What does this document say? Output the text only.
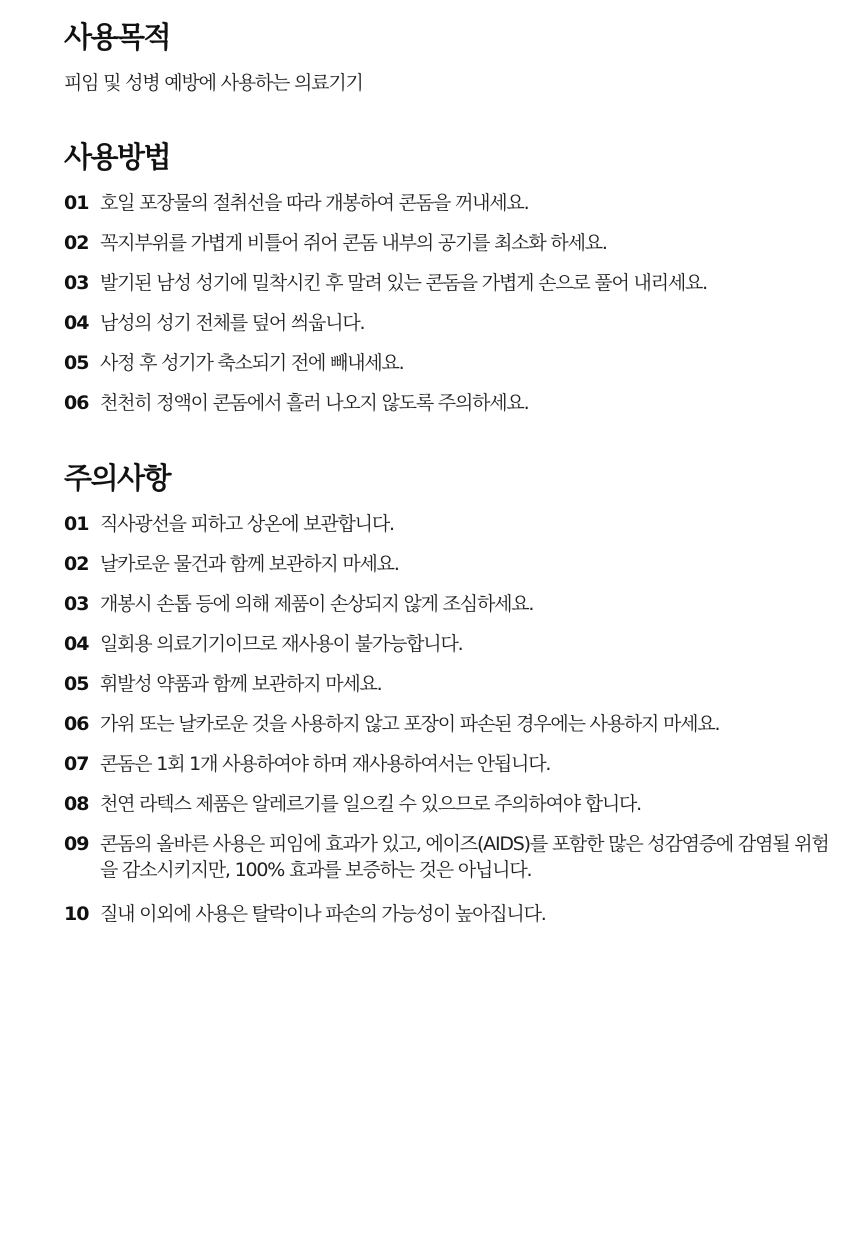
사용목적
피임 및 성병 예방에 사용하는 의료기기
사용방법
01 호일 포장물의 절취선을 따라 개봉하여 콘돔을 꺼내세요.
02 꼭지부위를 가볍게 비틀어 쥐어 콘돔 내부의 공기를 최소화 하세요.
03 발기된 남성 성기에 밀착시킨 후 말려 있는 콘돔을 가볍게 손으로 풀어 내리세요.
04 남성의 성기 전체를 덮어 씌웁니다.
05 사정 후 성기가 축소되기 전에 빼내세요.
06 천천히 정액이 콘돔에서 흘러 나오지 않도록 주의하세요.
주의사항
01 직사광선을 피하고 상온에 보관합니다.
02 날카로운 물건과 함께 보관하지 마세요.
03 개봉시 손톱 등에 의해 제품이 손상되지 않게 조심하세요.
04 일회용 의료기기이므로 재사용이 불가능합니다.
05 휘발성 약품과 함께 보관하지 마세요.
06 가위 또는 날카로운 것을 사용하지 않고 포장이 파손된 경우에는 사용하지 마세요.
07 콘돔은 1회 1개 사용하여야 하며 재사용하여서는 안됩니다.
08 천연 라텍스 제품은 알레르기를 일으킬 수 있으므로 주의하여야 합니다.
09 콘돔의 올바른 사용은 피임에 효과가 있고, 에이즈(AIDS)를 포함한 많은 성감염증에 감염될 위험을 감소시키지만, 100% 효과를 보증하는 것은 아닙니다.
10 질내 이외에 사용은 탈락이나 파손의 가능성이 높아집니다.
